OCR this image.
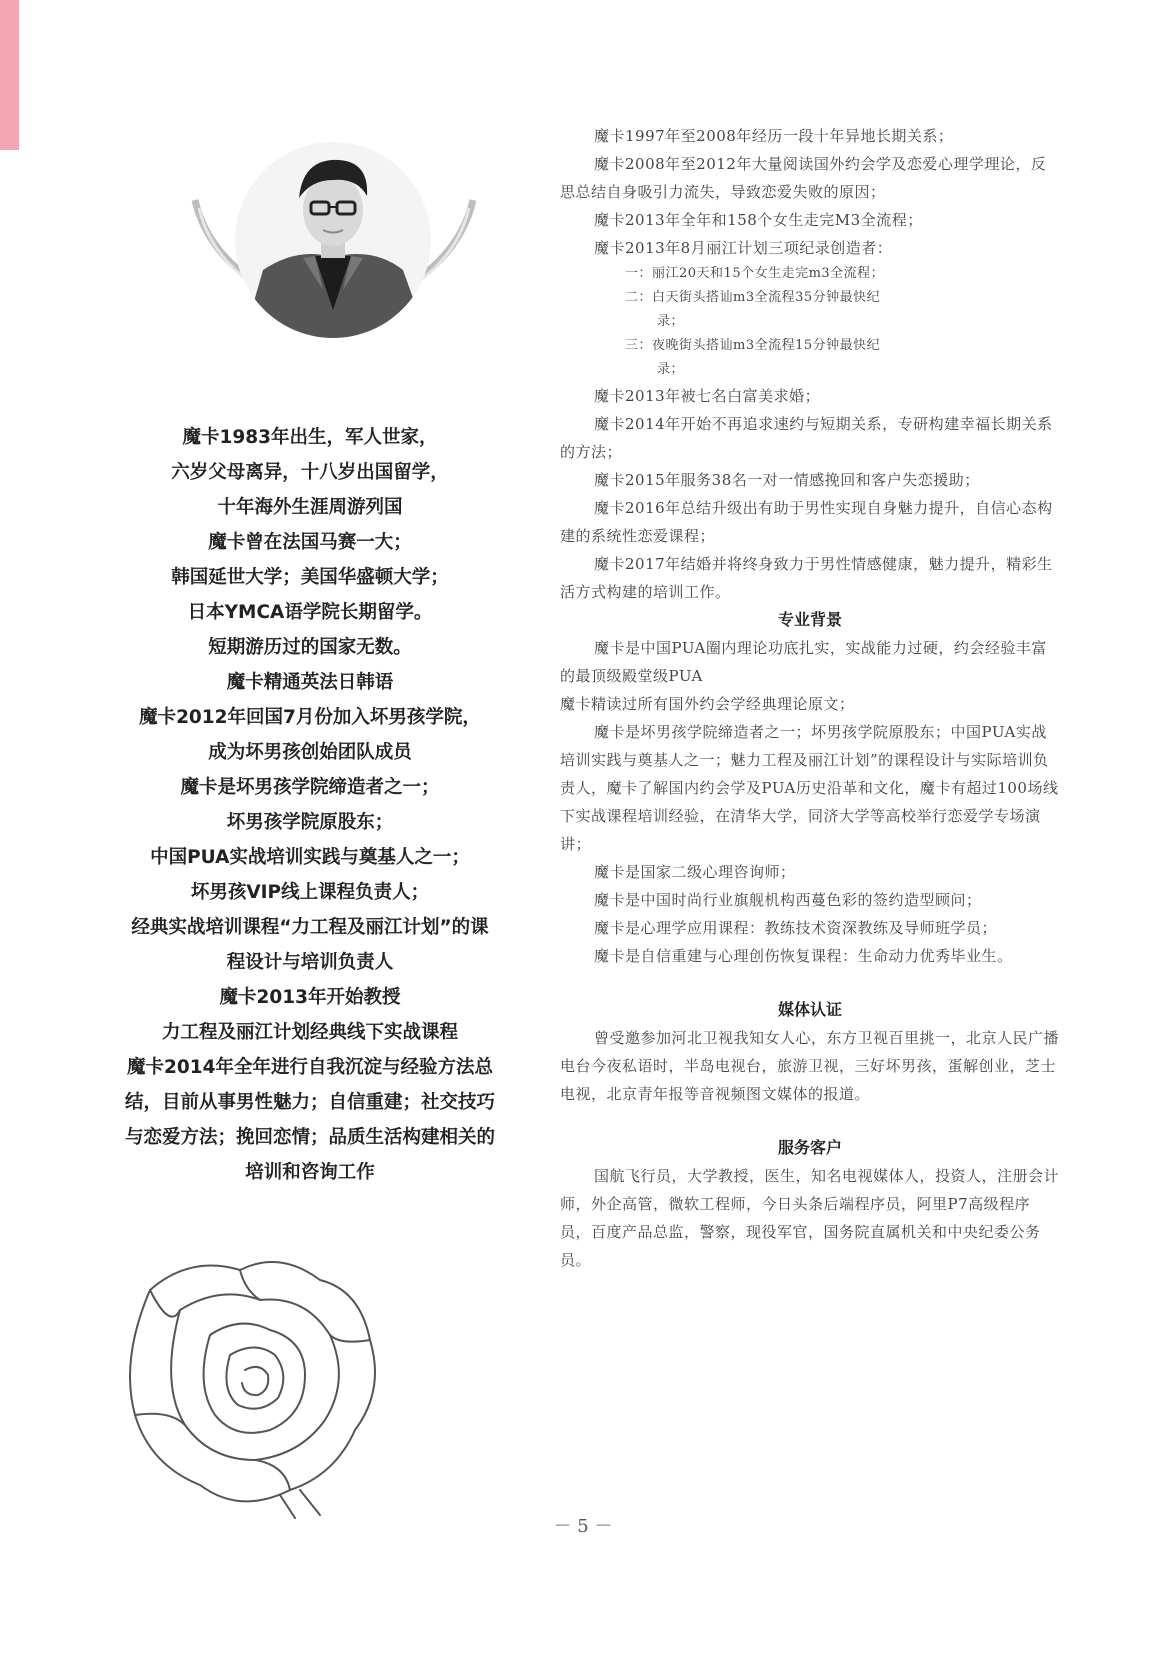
魔卡1983年出生，军人世家，
六岁父母离异，十八岁出国留学，
十年海外生涯周游列国
魔卡曾在法国马赛一大；
韩国延世大学；美国华盛顿大学；
日本YMCA语学院长期留学。
短期游历过的国家无数。
魔卡精通英法日韩语
魔卡2012年回国7月份加入坏男孩学院，
成为坏男孩创始团队成员
魔卡是坏男孩学院缔造者之一；
坏男孩学院原股东；
中国PUA实战培训实践与奠基人之一；
坏男孩VIP线上课程负责人；
经典实战培训课程“力工程及丽江计划”的课
程设计与培训负责人
魔卡2013年开始教授
力工程及丽江计划经典线下实战课程
魔卡2014年全年进行自我沉淀与经验方法总
结，目前从事男性魅力；自信重建；社交技巧
与恋爱方法；挽回恋情；品质生活构建相关的
培训和咨询工作

魔卡1997年至2008年经历一段十年异地长期关系；

魔卡2008年至2012年大量阅读国外约会学及恋爱心理学理论，反思总结自身吸引力流失，导致恋爱失败的原因；

魔卡2013年全年和158个女生走完M3全流程；

魔卡2013年8月丽江计划三项纪录创造者：

一：丽江20天和15个女生走完m3全流程；
二：白天街头搭讪m3全流程35分钟最快纪
录；
三：夜晚街头搭讪m3全流程15分钟最快纪
录；

魔卡2013年被七名白富美求婚；

魔卡2014年开始不再追求速约与短期关系，专研构建幸福长期关系的方法；

魔卡2015年服务38名一对一情感挽回和客户失恋援助；

魔卡2016年总结升级出有助于男性实现自身魅力提升，自信心态构建的系统性恋爱课程；

魔卡2017年结婚并将终身致力于男性情感健康，魅力提升，精彩生活方式构建的培训工作。

专业背景

魔卡是中国PUA圈内理论功底扎实，实战能力过硬，约会经验丰富的最顶级殿堂级PUA

魔卡精读过所有国外约会学经典理论原文；

魔卡是坏男孩学院缔造者之一；坏男孩学院原股东；中国PUA实战培训实践与奠基人之一；魅力工程及丽江计划”的课程设计与实际培训负责人，魔卡了解国内约会学及PUA历史沿革和文化，魔卡有超过100场线下实战课程培训经验，在清华大学，同济大学等高校举行恋爱学专场演讲；

魔卡是国家二级心理咨询师；

魔卡是中国时尚行业旗舰机构西蔓色彩的签约造型顾问；

魔卡是心理学应用课程：教练技术资深教练及导师班学员；

魔卡是自信重建与心理创伤恢复课程：生命动力优秀毕业生。

媒体认证

曾受邀参加河北卫视我知女人心，东方卫视百里挑一，北京人民广播电台今夜私语时，半岛电视台，旅游卫视，三好坏男孩，蛋解创业，芝士电视，北京青年报等音视频图文媒体的报道。

服务客户

国航飞行员，大学教授，医生，知名电视媒体人，投资人，注册会计师，外企高管，微软工程师，今日头条后端程序员，阿里P7高级程序员，百度产品总监，警察，现役军官，国务院直属机关和中央纪委公务员。

－ 5 －
